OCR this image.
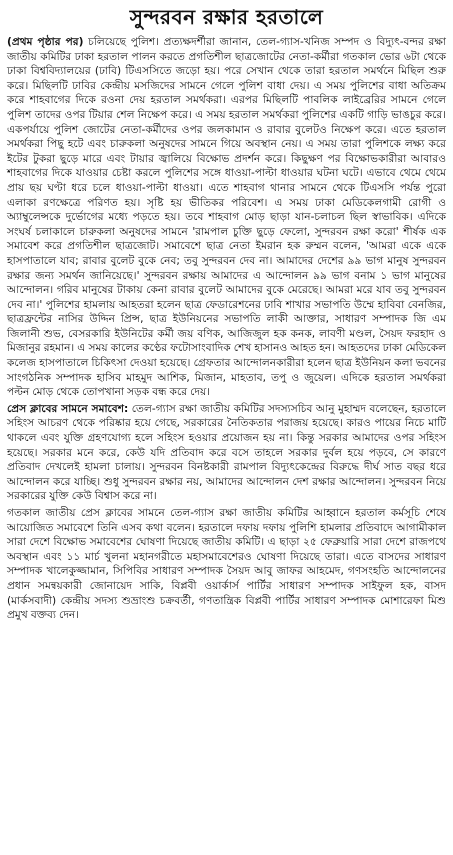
সুন্দরবন রক্ষার হরতালে

(প্রথম পৃষ্ঠার পর) চলিয়েছে পুলিশ। প্রত্যক্ষদর্শীরা জানান, তেল-গ্যাস-খনিজ সম্পদ ও বিদ্যুৎ-বন্দর রক্ষা জাতীয় কমিটির ঢাকা হরতাল পালন করতে প্রগতিশীল ছাত্রজোটের নেতা-কর্মীরা গতকাল ভোর ৬টা থেকে ঢাকা বিশ্ববিদ্যালয়ের (ঢাবি) টিএসসিতে জড়ো হয়। পরে সেখান থেকে তারা হরতাল সমর্থনে মিছিল শুরু করে। মিছিলটি ঢাবির কেন্দ্রীয় মসজিদের সামনে গেলে পুলিশ বাধা দেয়। এ সময় পুলিশের বাধা অতিক্রম করে শাহবাগের দিকে রওনা দেয় হরতাল সমর্থকরা। এরপর মিছিলটি পাবলিক লাইব্রেরির সামনে গেলে পুলিশ তাদের ওপর টিয়ার শেল নিক্ষেপ করে। এ সময় হরতাল সমর্থকরা পুলিশের একটি গাড়ি ভাঙচুর করে। একপর্যায়ে পুলিশ জোটের নেতা-কর্মীদের ওপর জলকামান ও রাবার বুলেটও নিক্ষেপ করে। এতে হরতাল সমর্থকরা পিছু হটে এবং চারুকলা অনুষদের সামনে গিয়ে অবস্থান নেয়। এ সময় তারা পুলিশকে লক্ষ্য করে ইটের টুকরা ছুড়ে মারে এবং টায়ার জ্বালিয়ে বিক্ষোভ প্রদর্শন করে। কিছুক্ষণ পর বিক্ষোভকারীরা আবারও শাহবাগের দিকে যাওয়ার চেষ্টা করলে পুলিশের সঙ্গে ধাওয়া-পাল্টা ধাওয়ার ঘটনা ঘটে। এভাবে থেমে থেমে প্রায় ছয় ঘণ্টা ধরে চলে ধাওয়া-পাল্টা ধাওয়া। এতে শাহবাগ থানার সামনে থেকে টিএসসি পর্যন্ত পুরো এলাকা রণক্ষেত্রে পরিণত হয়। সৃষ্টি হয় ভীতিকর পরিবেশ। এ সময় ঢাকা মেডিকেলগামী রোগী ও অ্যাম্বুলেন্সকে দুর্ভোগের মধ্যে পড়তে হয়। তবে শাহবাগ মোড় ছাড়া যান-চলাচল ছিল স্বাভাবিক। এদিকে সংঘর্ষ চলাকালে চারুকলা অনুষদের সামনে 'রামপাল চুক্তি ছুড়ে ফেলো, সুন্দরবন রক্ষা করো' শীর্ষক এক সমাবেশ করে প্রগতিশীল ছাত্রজোট। সমাবেশে ছাত্র নেতা ইমরান হক রুম্মন বলেন, 'আমরা একে একে হাসপাতালে যাব; রাবার বুলেট বুকে নেব; তবু সুন্দরবন দেব না। আমাদের দেশের ৯৯ ভাগ মানুষ সুন্দরবন রক্ষার জন্য সমর্থন জানিয়েছে।' সুন্দরবন রক্ষায় আমাদের এ আন্দোলন ৯৯ ভাগ বনাম ১ ভাগ মানুষের আন্দোলন। গরিব মানুষের টাকায় কেনা রাবার বুলেট আমাদের বুকে মেরেছে। আমরা মরে যাব তবু সুন্দরবন দেব না।' পুলিশের হামলায় আহতরা হলেন ছাত্র ফেডারেশনের ঢাবি শাখার সভাপতি উম্মে হাবিবা বেনজির, ছাত্রফ্রন্টের নাসির উদ্দিন প্রিন্স, ছাত্র ইউনিয়নের সভাপতি লাকী আক্তার, সাধারণ সম্পাদক জি এম জিলানী শুভ, বেসরকারি ইউনিটের কর্মী জয় বণিক, আজিজুল হক কনক, লাবণী মণ্ডল, সৈয়দ ফরহাদ ও মিজানুর রহমান। এ সময় কালের কণ্ঠের ফটোসাংবাদিক শেখ হাসানও আহত হন। আহতদের ঢাকা মেডিকেল কলেজ হাসপাতালে চিকিৎসা দেওয়া হয়েছে। গ্রেফতার আন্দোলনকারীরা হলেন ছাত্র ইউনিয়ন কলা ভবনের সাংগঠনিক সম্পাদক হাসিব মাহমুদ আশিক, মিজান, মাহতাব, তপু ও জুয়েল। এদিকে হরতাল সমর্থকরা পল্টন মোড় থেকে তোপখানা সড়ক বন্ধ করে দেয়।

প্রেস ক্লাবের সামনে সমাবেশ: তেল-গ্যাস রক্ষা জাতীয় কমিটির সদস্যসচিব আনু মুহাম্মদ বলেছেন, হরতালে সহিংস আচরণ থেকে পরিষ্কার হয়ে গেছে, সরকারের নৈতিকতার পরাজয় হয়েছে। কারও পায়ের নিচে মাটি থাকলে এবং যুক্তি গ্রহণযোগ্য হলে সহিংস হওয়ার প্রয়োজন হয় না। কিন্তু সরকার আমাদের ওপর সহিংস হয়েছে। সরকার মনে করে, কেউ যদি প্রতিবাদ করে বসে তাহলে সরকার দুর্বল হয়ে পড়বে, সে কারণে প্রতিবাদ দেখলেই হামলা চালায়। সুন্দরবন বিনষ্টকারী রামপাল বিদ্যুৎকেন্দ্রের বিরুদ্ধে দীর্ঘ সাত বছর ধরে আন্দোলন করে যাচ্ছি। শুধু সুন্দরবন রক্ষার নয়, আমাদের আন্দোলন দেশ রক্ষার আন্দোলন। সুন্দরবন নিয়ে সরকারের যুক্তি কেউ বিশ্বাস করে না।

গতকাল জাতীয় প্রেস ক্লাবের সামনে তেল-গ্যাস রক্ষা জাতীয় কমিটির আহ্বানে হরতাল কর্মসূচি শেষে আয়োজিত সমাবেশে তিনি এসব কথা বলেন। হরতালে দফায় দফায় পুলিশি হামলার প্রতিবাদে আগামীকাল সারা দেশে বিক্ষোভ সমাবেশের ঘোষণা দিয়েছে জাতীয় কমিটি। এ ছাড়া ২৫ ফেব্রুয়ারি সারা দেশে রাজপথে অবস্থান এবং ১১ মার্চ খুলনা মহানগরীতে মহাসমাবেশেরও ঘোষণা দিয়েছে তারা। এতে বাসদের সাধারণ সম্পাদক খালেকুজ্জামান, সিপিবির সাধারণ সম্পাদক সৈয়দ আবু জাফর আহমেদ, গণসংহতি আন্দোলনের প্রধান সমন্বয়কারী জোনায়েদ সাকি, বিপ্লবী ওয়ার্কার্স পার্টির সাধারণ সম্পাদক সাইফুল হক, বাসদ (মার্কসবাদী) কেন্দ্রীয় সদস্য শুভ্রাংশু চক্রবর্তী, গণতান্ত্রিক বিপ্লবী পার্টির সাধারণ সম্পাদক মোশারেফা মিশু প্রমুখ বক্তব্য দেন।
